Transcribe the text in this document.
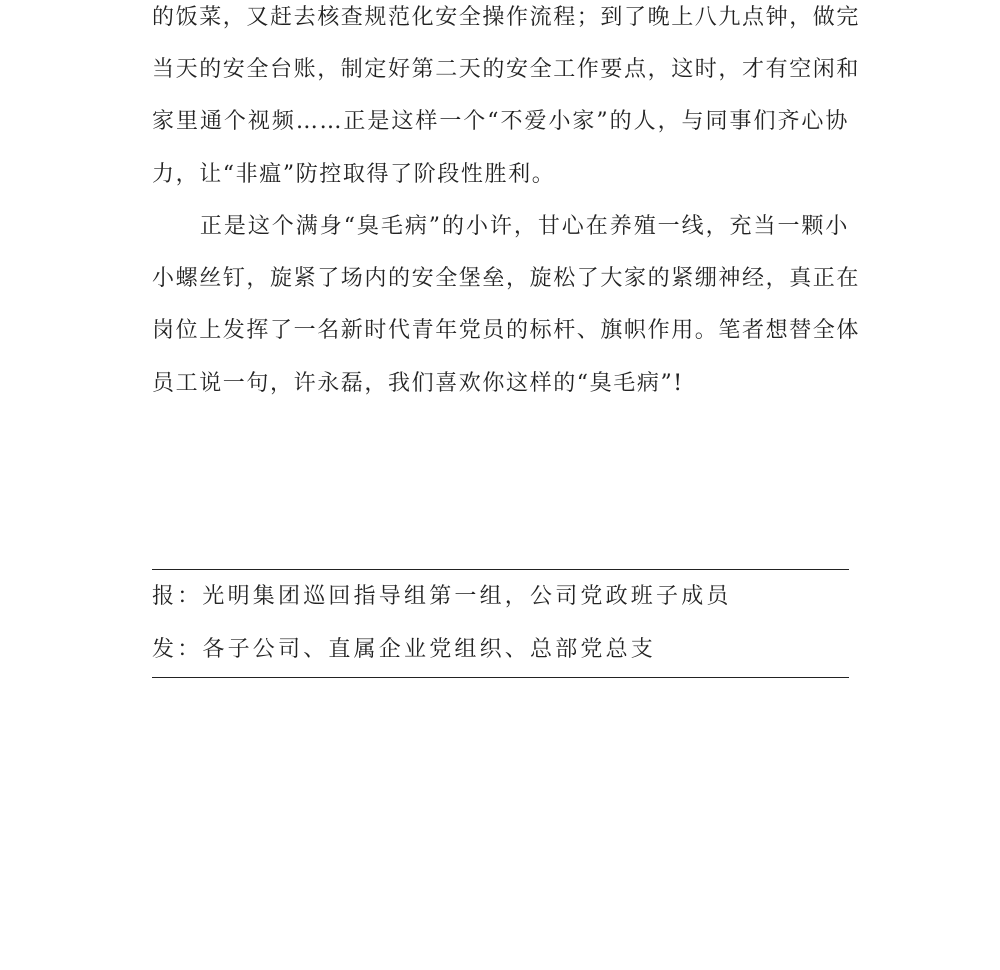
的饭菜，又赶去核查规范化安全操作流程；到了晚上八九点钟，做完
当天的安全台账，制定好第二天的安全工作要点，这时，才有空闲和
家里通个视频……正是这样一个“不爱小家”的人，与同事们齐心协
力，让“非瘟”防控取得了阶段性胜利。
　　正是这个满身“臭毛病”的小许，甘心在养殖一线，充当一颗小
小螺丝钉，旋紧了场内的安全堡垒，旋松了大家的紧绷神经，真正在
岗位上发挥了一名新时代青年党员的标杆、旗帜作用。笔者想替全体
员工说一句，许永磊，我们喜欢你这样的“臭毛病”!
报：光明集团巡回指导组第一组，公司党政班子成员
发：各子公司、直属企业党组织、总部党总支
